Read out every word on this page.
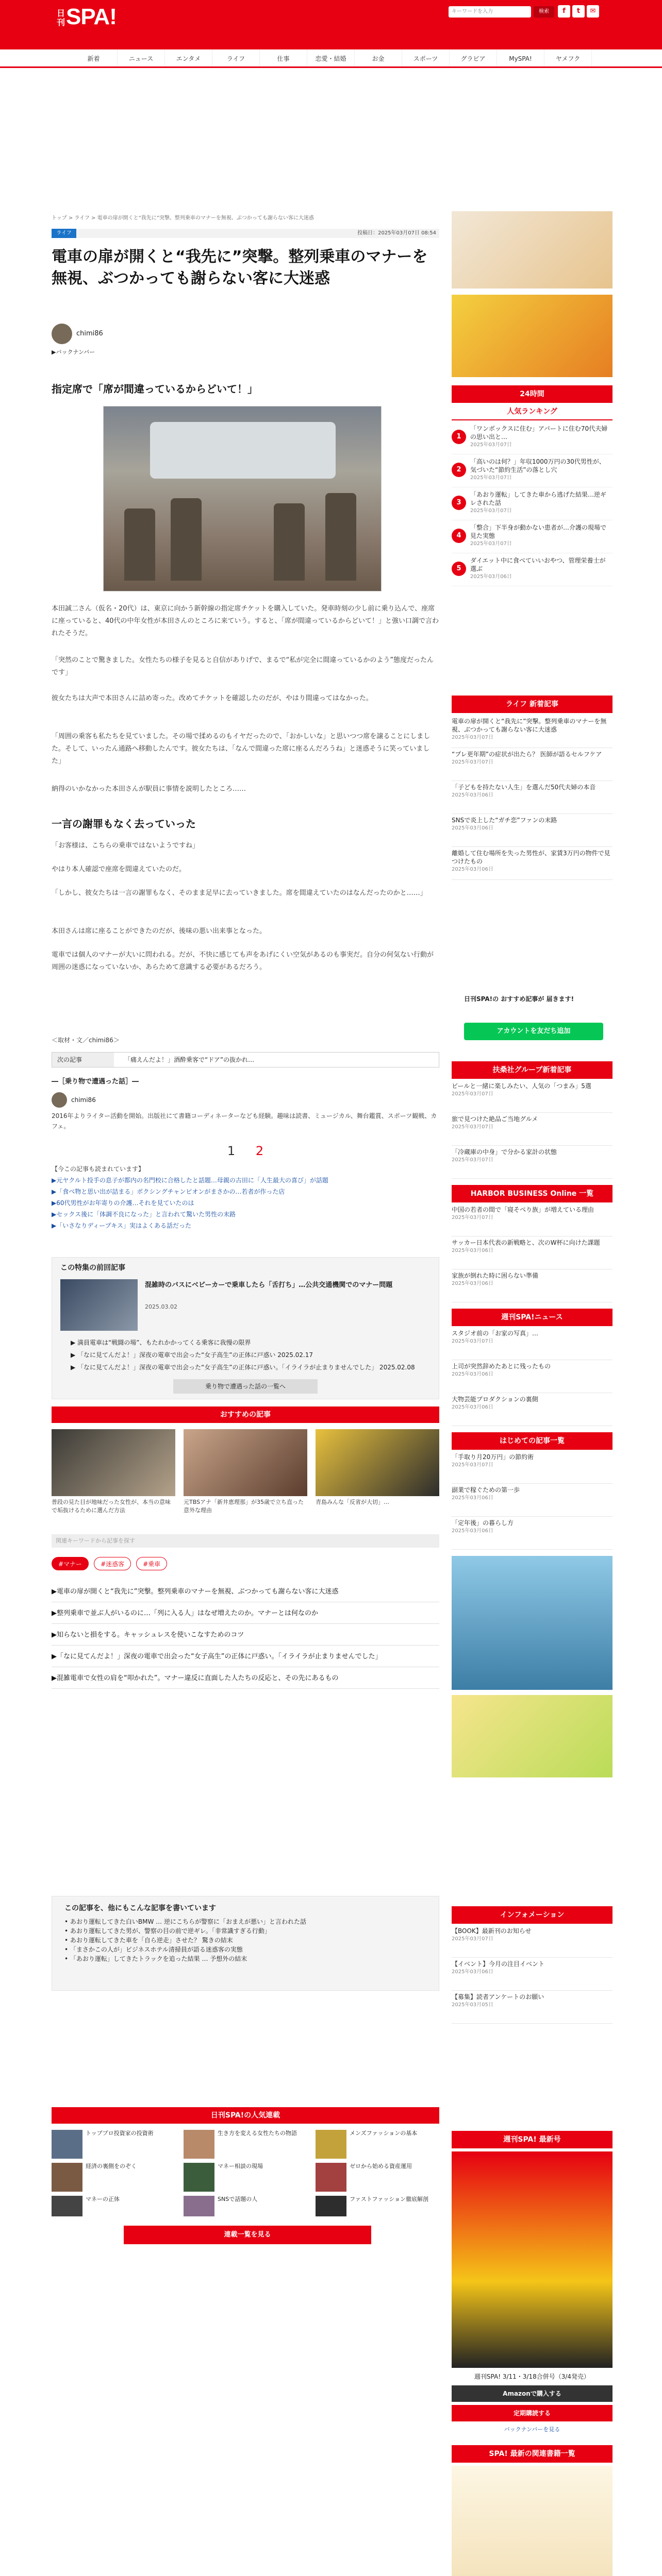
日刊SPA!	キーワードを入力	検索	f	t	✉
新着	ニュース	エンタメ	ライフ	仕事	恋愛・結婚	お金	スポーツ	グラビア	MySPA!	ヤメフク
トップ > ライフ > 電車の扉が開くと“我先に”突撃。整列乗車のマナーを無視、ぶつかっても謝らない客に大迷惑
ライフ	投稿日：2025年03月07日 08:54
電車の扉が開くと“我先に”突撃。整列乗車のマナーを無視、ぶつかっても謝らない客に大迷惑
chimi86
▶バックナンバー
指定席で「席が間違っているからどいて！」
本田誠二さん（仮名・20代）は、東京に向かう新幹線の指定席チケットを購入していた。発車時刻の少し前に乗り込んで、座席に座っていると、40代の中年女性が本田さんのところに来ていう。すると、「席が間違っているからどいて！」と強い口調で言われたそうだ。
「突然のことで驚きました。女性たちの様子を見ると自信がありげで、まるで“私が完全に間違っているかのよう”態度だったんです」
彼女たちは大声で本田さんに詰め寄った。改めてチケットを確認したのだが、やはり間違ってはなかった。
「周囲の乗客も私たちを見ていました。その場で揉めるのもイヤだったので、「おかしいな」と思いつつ席を譲ることにしました。そして、いったん通路へ移動したんです。彼女たちは、「なんで間違った席に座るんだろうね」と迷惑そうに笑っていました」
納得のいかなかった本田さんが駅員に事情を説明したところ……
一言の謝罪もなく去っていった
「お客様は、こちらの乗車ではないようですね」
やはり本人確認で座席を間違えていたのだ。
「しかし、彼女たちは一言の謝罪もなく、そのまま足早に去っていきました。席を間違えていたのはなんだったのかと……」
本田さんは席に座ることができたのだが、後味の悪い出来事となった。
電車では個人のマナーが大いに問われる。だが、不快に感じても声をあげにくい空気があるのも事実だ。自分の何気ない行動が周囲の迷惑になっていないか、あらためて意識する必要があるだろう。
＜取材・文／chimi86＞
次の記事	「痛えんだよ！」酒酔乗客で“ドア”の抜かれ…
―［乗り物で遭遇った話］―
chimi86
2016年よりライター活動を開始。出版社にて書籍コーディネーターなども経験。趣味は読書、ミュージカル、舞台鑑賞、スポーツ観戦、カフェ。
1 2
【今この記事も読まれています】
▶元ヤクルト投手の息子が都内の名門校に合格したと話題…母親の古田に「人生最大の喜び」が話題
▶「食べ物と思い出が詰まる」ボクシングチャンピオンがまさかの…若者が作った店
▶60代男性がお年寄りの介護…それを見ていたのは
▶セックス後に「体調不良になった」と言われて驚いた男性の末路
▶「いさなりディープキス」実はよくある話だった
この特集の前回記事
混雑時のバスにベビーカーで乗車したら「舌打ち」…公共交通機関でのマナー問題
2025.03.02
▶ 満員電車は“戦闘の場”、もたれかかってくる乗客に我慢の限界
▶ 「なに見てんだよ！」深夜の電車で出会った“女子高生”の正体に戸惑い 2025.02.17
▶ 「なに見てんだよ！」深夜の電車で出会った“女子高生”の正体に戸惑い。「イライラが止まりませんでした」 2025.02.08
乗り物で遭遇った話の一覧へ
おすすめの記事
普段の見た目が地味だった女性が、本当の意味で垢抜けるために選んだ方法
元TBSアナ「新井恵理那」が35歳で立ち直った意外な理由
青島みんな「反省が大切」…
関連キーワードから記事を探す
#マナー	#迷惑客	#乗車
▶電車の扉が開くと“我先に”突撃。整列乗車のマナーを無視、ぶつかっても謝らない客に大迷惑
▶整列乗車で並ぶ人がいるのに…「列に入る人」はなぜ増えたのか。マナーとは何なのか
▶知らないと損をする。キャッシュレスを使いこなすためのコツ
▶「なに見てんだよ！」深夜の電車で出会った“女子高生”の正体に戸惑い。「イライラが止まりませんでした」
▶混雑電車で女性の肩を“叩かれた”。マナー違反に直面した人たちの反応と、その先にあるもの
この記事を、他にもこんな記事を書いています
• あおり運転してきた白いBMW … 逆にこちらが警察に「おまえが悪い」と言われた話
• あおり運転してきた男が、警察の目の前で逆ギレ。「非常識すぎる行動」
• あおり運転してきた車を「自ら逆走」させた？ 驚きの結末
• 「まさかこの人が」ビジネスホテル清掃員が語る迷惑客の実態
• 「あおり運転」してきたトラックを追った結果 … 予想外の結末
日刊SPA!の人気連載
トッププロ投資家の投資術	生き方を変える女性たちの物語	メンズファッションの基本
経済の裏側をのぞく	マネー相談の現場	ゼロから始める資産運用
マネーの正体	SNSで話題の人	ファストファッション徹底解剖
連載一覧を見る
24時間
人気ランキング
1
「ワンボックスに住む」アパートに住む70代夫婦の思い出と…
2025年03月07日
2
「高いのは何？」年収1000万円の30代男性が、気づいた“節約生活”の落とし穴
2025年03月07日
3
「あおり運転」してきた車から逃げた結果…逆ギレされた話
2025年03月07日
4
「整合」下半身が動かない患者が…介護の現場で見た実態
2025年03月07日
5
ダイエット中に食べていいおやつ、管理栄養士が選ぶ
2025年03月06日
ライフ 新着記事
電車の扉が開くと“我先に”突撃。整列乗車のマナーを無視、ぶつかっても謝らない客に大迷惑
2025年03月07日
“プレ更年期”の症状が出たら？ 医師が語るセルフケア
2025年03月07日
「子どもを持たない人生」を選んだ50代夫婦の本音
2025年03月06日
SNSで炎上した“ガチ恋”ファンの末路
2025年03月06日
離婚して住む場所を失った男性が、家賃3万円の物件で見つけたもの
2025年03月06日
日刊SPA!の おすすめ記事が 届きます!
アカウントを友だち追加
扶桑社グループ新着記事
ビールと一緒に楽しみたい、人気の「つまみ」5選
2025年03月07日
旅で見つけた絶品ご当地グルメ
2025年03月07日
「冷蔵庫の中身」で分かる家計の状態
2025年03月07日
HARBOR BUSINESS Online 一覧
中国の若者の間で「寝そべり族」が増えている理由
2025年03月07日
サッカー日本代表の新戦略と、次のW杯に向けた課題
2025年03月06日
家族が倒れた時に困らない準備
2025年03月06日
週刊SPA!ニュース
スタジオ前の「お家の写真」…
2025年03月07日
上司が突然辞めたあとに残ったもの
2025年03月06日
大物芸能プロダクションの裏側
2025年03月06日
はじめての記事一覧
「手取り月20万円」の節約術
2025年03月07日
副業で稼ぐための第一歩
2025年03月06日
「定年後」の暮らし方
2025年03月06日
インフォメーション
【BOOK】最新刊のお知らせ
2025年03月07日
【イベント】今月の注目イベント
2025年03月06日
【募集】読者アンケートのお願い
2025年03月05日
週刊SPA! 最新号
週刊SPA! 3/11・3/18合併号（3/4発売）
Amazonで購入する
定期購読する
バックナンバーを見る
SPA! 最新の関連書籍一覧
